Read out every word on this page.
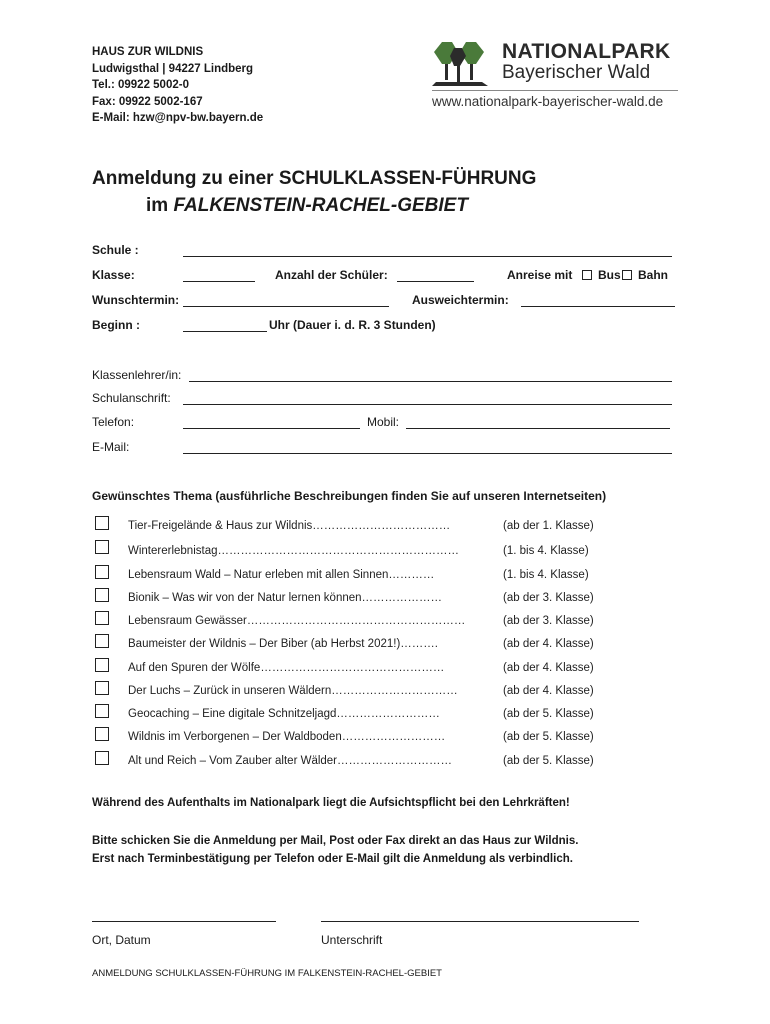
HAUS ZUR WILDNIS
Ludwigsthal | 94227 Lindberg
Tel.: 09922 5002-0
Fax: 09922 5002-167
E-Mail: hzw@npv-bw.bayern.de
NATIONALPARK
Bayerischer Wald
www.nationalpark-bayerischer-wald.de
Anmeldung zu einer SCHULKLASSEN-FÜHRUNG
im FALKENSTEIN-RACHEL-GEBIET
Schule :
Klasse:	Anzahl der Schüler:	Anreise mit Bus Bahn
Wunschtermin:	Ausweichtermin:
Beginn :	Uhr (Dauer i. d. R. 3 Stunden)
Klassenlehrer/in:
Schulanschrift:
Telefon:	Mobil:
E-Mail:
Gewünschtes Thema (ausführliche Beschreibungen finden Sie auf unseren Internetseiten)
Tier-Freigelände & Haus zur Wildnis………………………………	(ab der 1. Klasse)
Wintererlebnistag………………………………………………………	(1. bis 4. Klasse)
Lebensraum Wald – Natur erleben mit allen Sinnen…………	(1. bis 4. Klasse)
Bionik – Was wir von der Natur lernen können…………………	(ab der 3. Klasse)
Lebensraum Gewässer…………………………………………………	(ab der 3. Klasse)
Baumeister der Wildnis – Der Biber (ab Herbst 2021!)……….	(ab der 4. Klasse)
Auf den Spuren der Wölfe…………………………………………	(ab der 4. Klasse)
Der Luchs – Zurück in unseren Wäldern……………………………	(ab der 4. Klasse)
Geocaching – Eine digitale Schnitzeljagd………………………	(ab der 5. Klasse)
Wildnis im Verborgenen – Der Waldboden………………………	(ab der 5. Klasse)
Alt und Reich – Vom Zauber alter Wälder…………………………	(ab der 5. Klasse)
Während des Aufenthalts im Nationalpark liegt die Aufsichtspflicht bei den Lehrkräften!
Bitte schicken Sie die Anmeldung per Mail, Post oder Fax direkt an das Haus zur Wildnis.
Erst nach Terminbestätigung per Telefon oder E-Mail gilt die Anmeldung als verbindlich.
Ort, Datum	Unterschrift
ANMELDUNG SCHULKLASSEN-FÜHRUNG IM FALKENSTEIN-RACHEL-GEBIET
